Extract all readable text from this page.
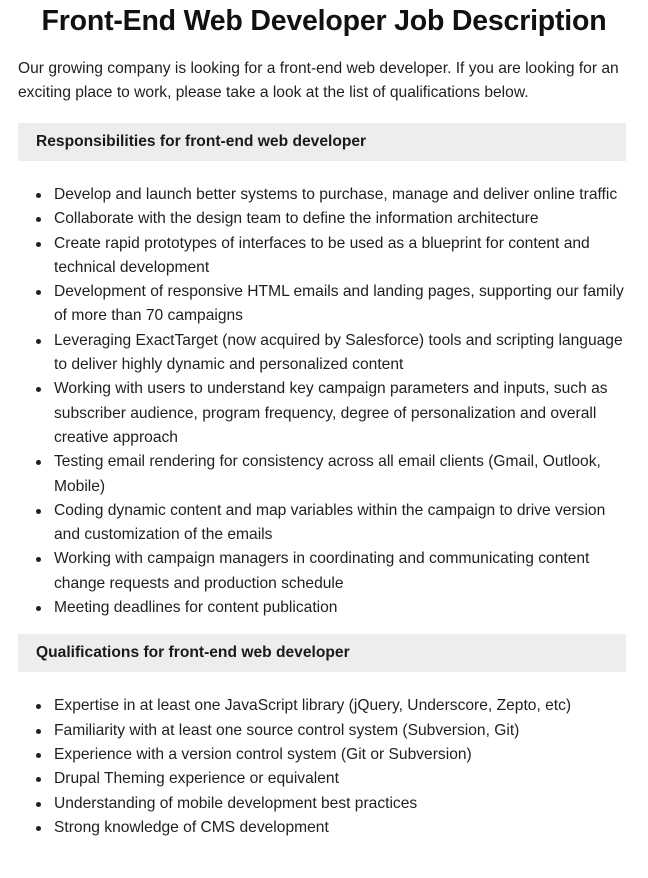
Front-End Web Developer Job Description

Our growing company is looking for a front-end web developer. If you are looking for an exciting place to work, please take a look at the list of qualifications below.

Responsibilities for front-end web developer
Develop and launch better systems to purchase, manage and deliver online traffic
Collaborate with the design team to define the information architecture
Create rapid prototypes of interfaces to be used as a blueprint for content and technical development
Development of responsive HTML emails and landing pages, supporting our family of more than 70 campaigns
Leveraging ExactTarget (now acquired by Salesforce) tools and scripting language to deliver highly dynamic and personalized content
Working with users to understand key campaign parameters and inputs, such as subscriber audience, program frequency, degree of personalization and overall creative approach
Testing email rendering for consistency across all email clients (Gmail, Outlook, Mobile)
Coding dynamic content and map variables within the campaign to drive version and customization of the emails
Working with campaign managers in coordinating and communicating content change requests and production schedule
Meeting deadlines for content publication
Qualifications for front-end web developer
Expertise in at least one JavaScript library (jQuery, Underscore, Zepto, etc)
Familiarity with at least one source control system (Subversion, Git)
Experience with a version control system (Git or Subversion)
Drupal Theming experience or equivalent
Understanding of mobile development best practices
Strong knowledge of CMS development
